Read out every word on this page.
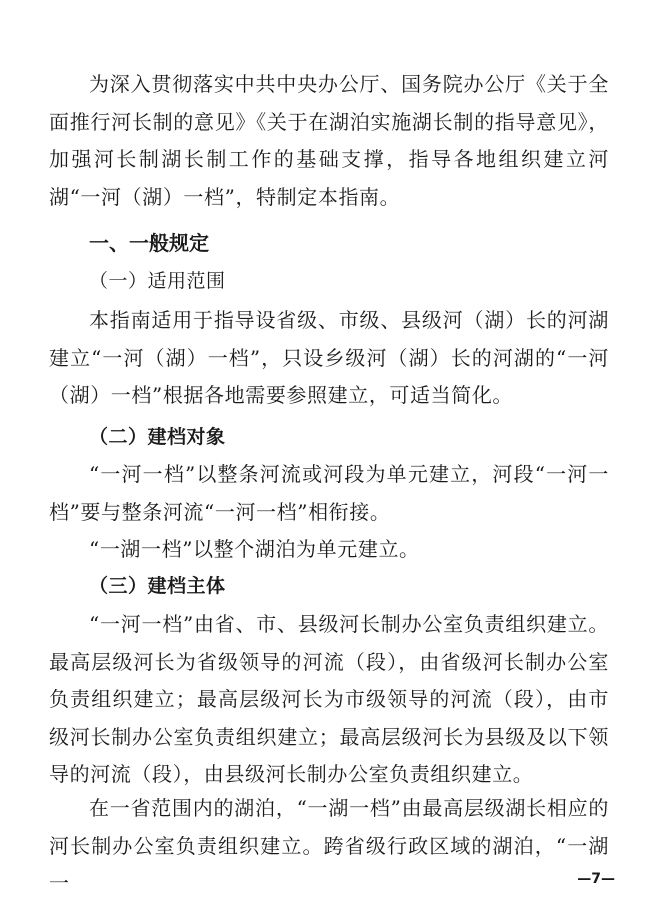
为深入贯彻落实中共中央办公厅、国务院办公厅《关于全面推行河长制的意见》《关于在湖泊实施湖长制的指导意见》，加强河长制湖长制工作的基础支撑，指导各地组织建立河湖“一河（湖）一档”，特制定本指南。

一、一般规定
（一）适用范围

本指南适用于指导设省级、市级、县级河（湖）长的河湖建立“一河（湖）一档”，只设乡级河（湖）长的河湖的“一河（湖）一档”根据各地需要参照建立，可适当简化。

（二）建档对象

“一河一档”以整条河流或河段为单元建立，河段“一河一档”要与整条河流“一河一档”相衔接。

“一湖一档”以整个湖泊为单元建立。

（三）建档主体

“一河一档”由省、市、县级河长制办公室负责组织建立。最高层级河长为省级领导的河流（段），由省级河长制办公室负责组织建立；最高层级河长为市级领导的河流（段），由市级河长制办公室负责组织建立；最高层级河长为县级及以下领导的河流（段），由县级河长制办公室负责组织建立。

在一省范围内的湖泊，“一湖一档”由最高层级湖长相应的河长制办公室负责组织建立。跨省级行政区域的湖泊，“一湖一	—7—
